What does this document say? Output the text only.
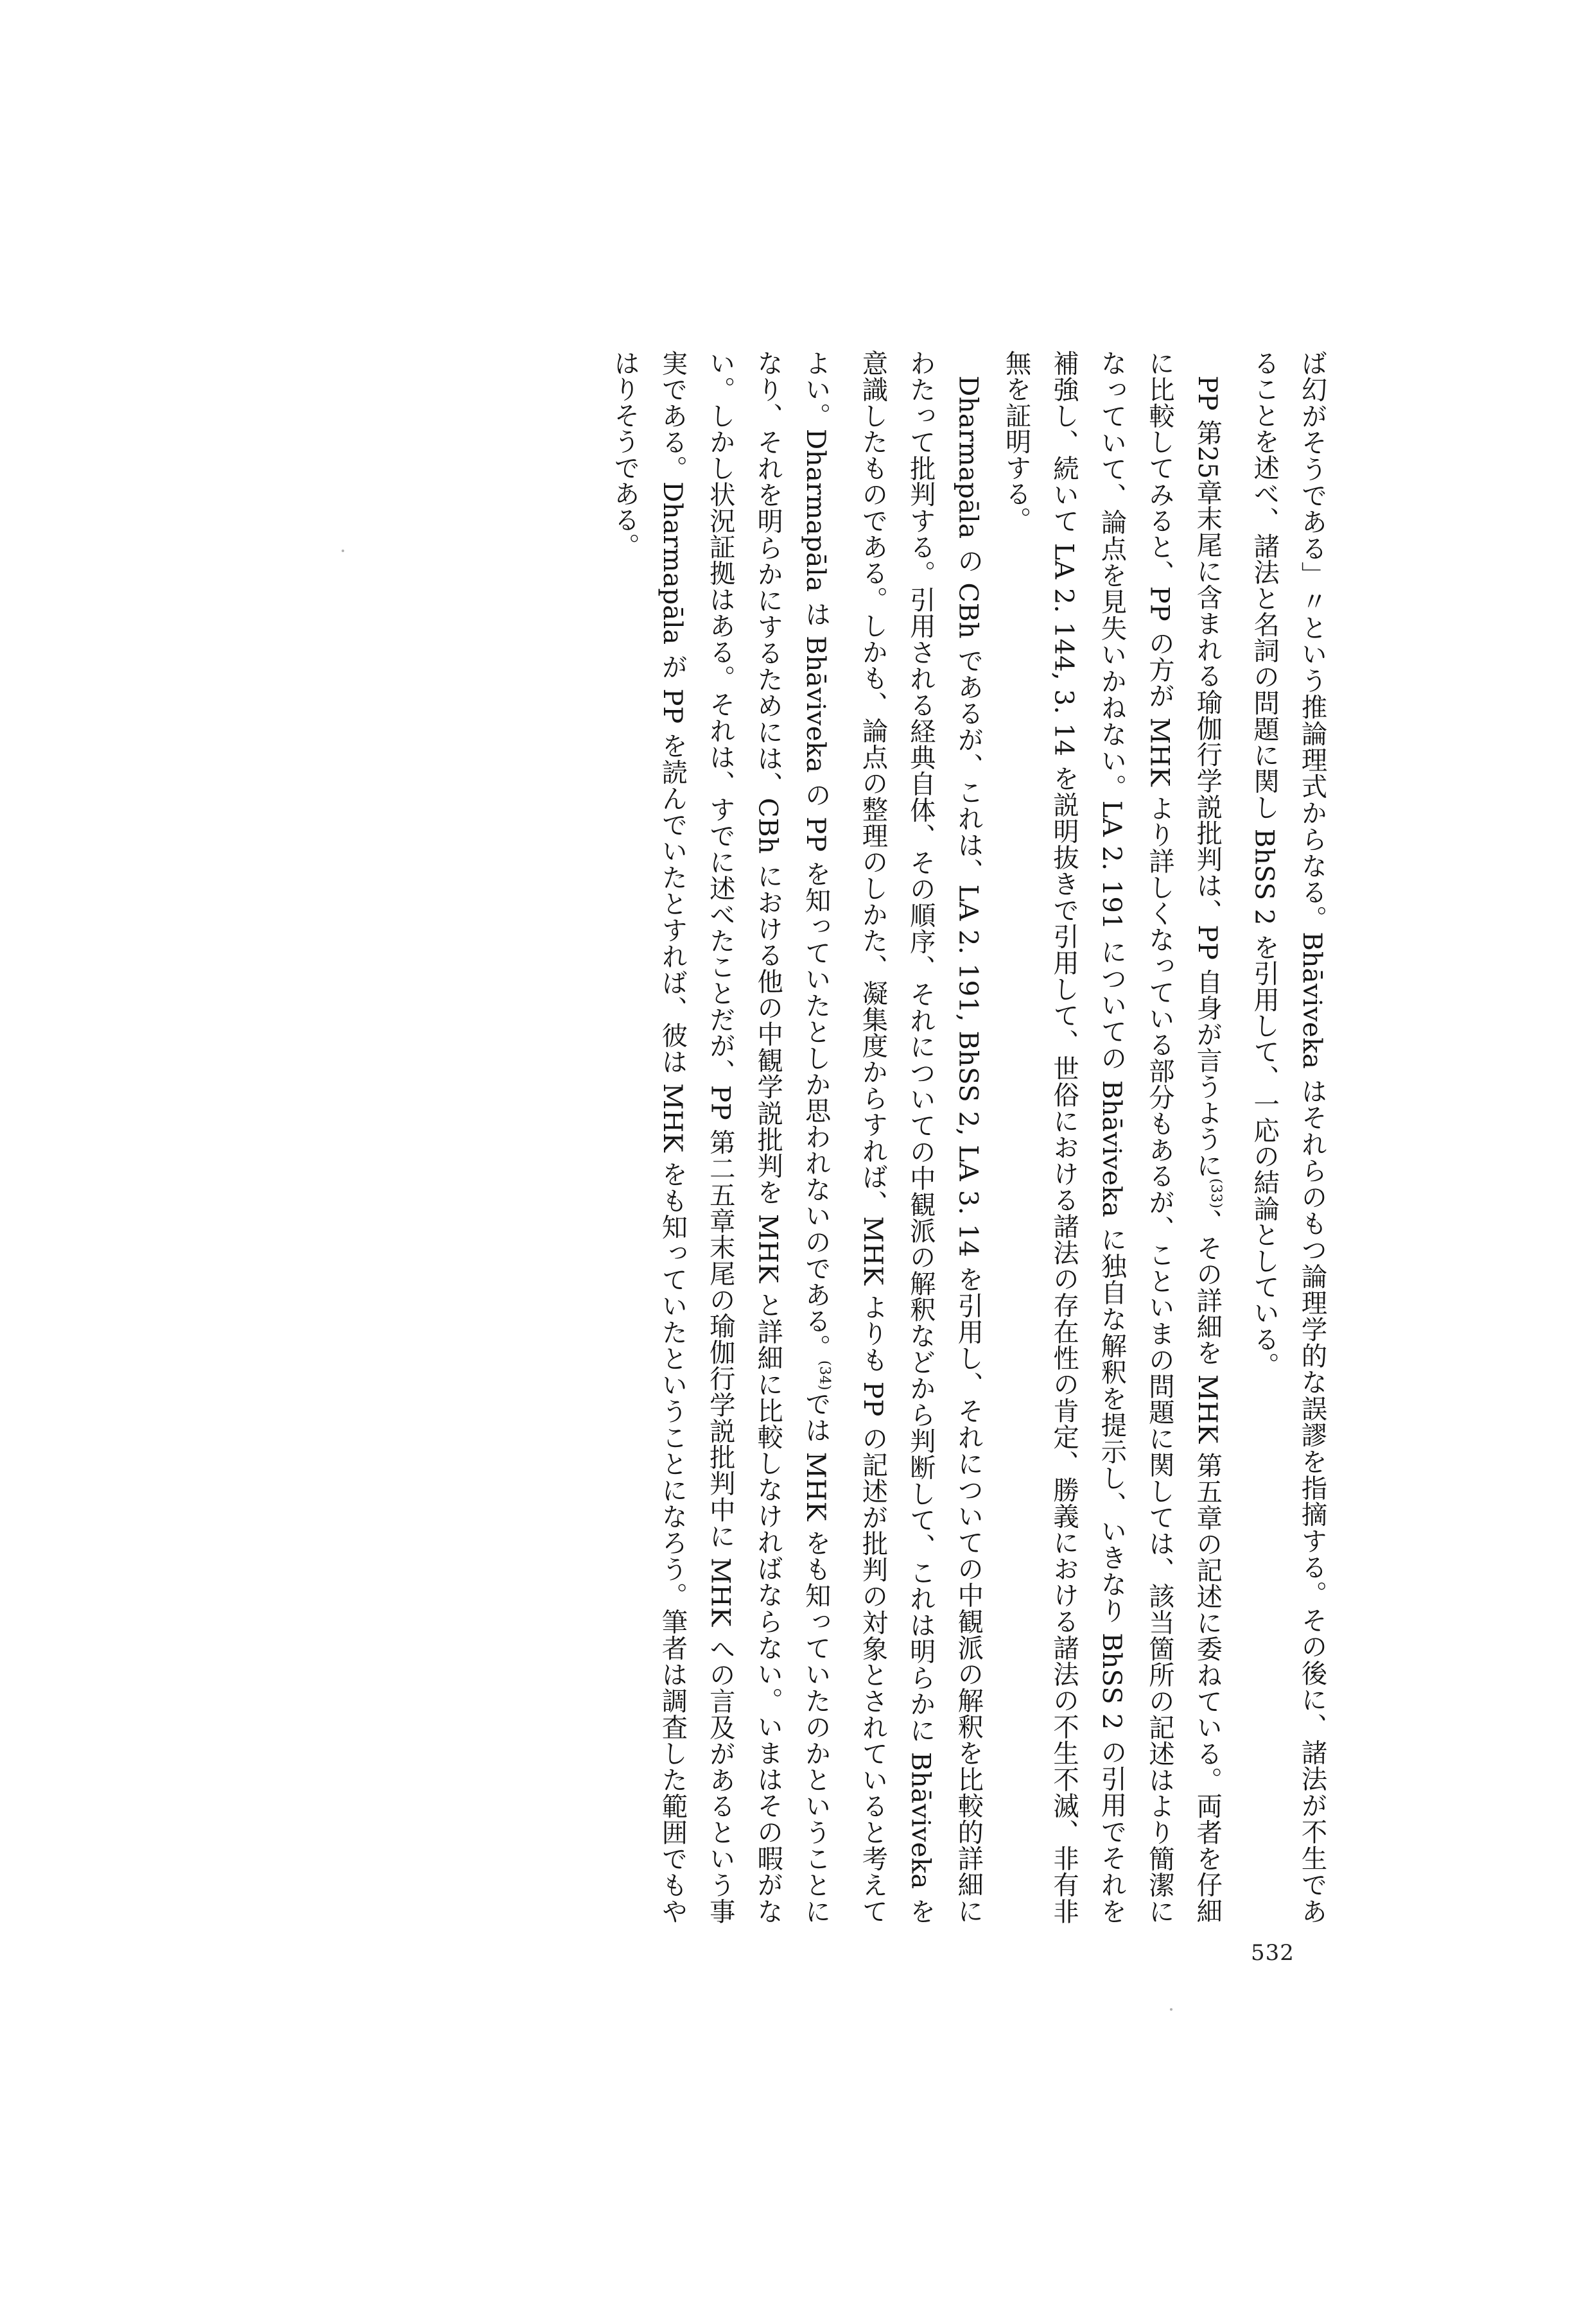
ば幻がそうである」〃という推論理式からなる。Bhāviveka はそれらのもつ論理学的な誤謬を指摘する。その後に、諸法が不生であることを述べ、諸法と名詞の問題に関し BhSS 2 を引用して、一応の結論としている。

PP 第25章末尾に含まれる瑜伽行学説批判は、PP 自身が言うように$^{(33)}$、その詳細を MHK 第五章の記述に委ねている。両者を仔細に比較してみると、PP の方が MHK より詳しくなっている部分もあるが、こといまの問題に関しては、該当箇所の記述はより簡潔になっていて、論点を見失いかねない。LA 2. 191 についての Bhāviveka に独自な解釈を提示し、いきなり BhSS 2 の引用でそれを補強し、続いて LA 2. 144, 3. 14 を説明抜きで引用して、世俗における諸法の存在性の肯定、勝義における諸法の不生不滅、非有非無を証明する。

Dharmapāla の CBh であるが、これは、LA 2. 191, BhSS 2, LA 3. 14 を引用し、それについての中観派の解釈を比較的詳細にわたって批判する。引用される経典自体、その順序、それについての中観派の解釈などから判断して、これは明らかに Bhāviveka を意識したものである。しかも、論点の整理のしかた、凝集度からすれば、MHK よりも PP の記述が批判の対象とされていると考えてよい。Dharmapāla は Bhāviveka の PP を知っていたとしか思われないのである。$^{(34)}$では MHK をも知っていたのかということになり、それを明らかにするためには、CBh における他の中観学説批判を MHK と詳細に比較しなければならない。いまはその暇がない。しかし状況証拠はある。それは、すでに述べたことだが、PP 第二五章末尾の瑜伽行学説批判中に MHK への言及があるという事実である。Dharmapāla が PP を読んでいたとすれば、彼は MHK をも知っていたということになろう。筆者は調査した範囲でもやはりそうである。

532
